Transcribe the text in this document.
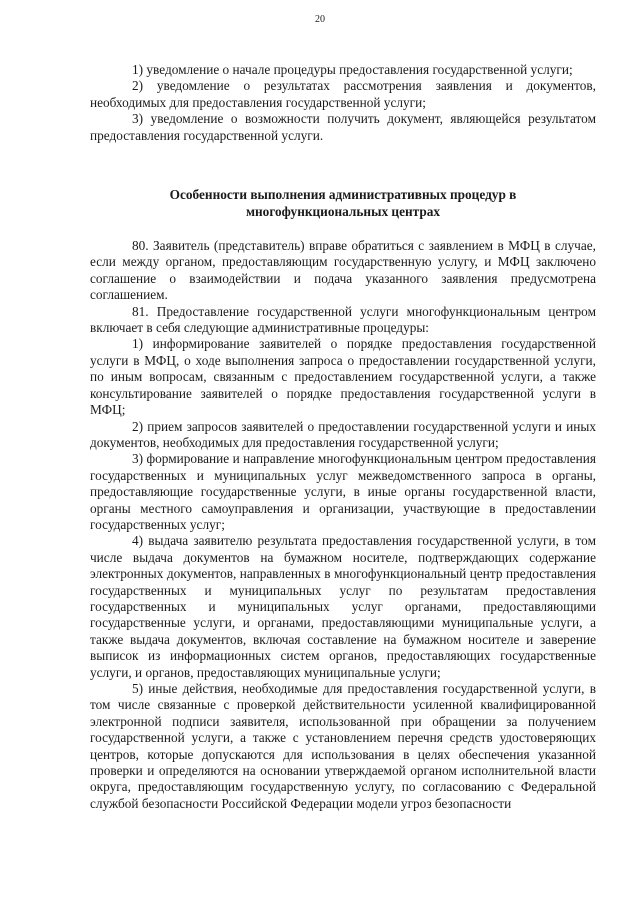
20

1) уведомление о начале процедуры предоставления государственной услуги;

2) уведомление о результатах рассмотрения заявления и документов, необходимых для предоставления государственной услуги;

3) уведомление о возможности получить документ, являющейся результатом предоставления государственной услуги.

Особенности выполнения административных процедур в
многофункциональных центрах

80. Заявитель (представитель) вправе обратиться с заявлением в МФЦ в случае, если между органом, предоставляющим государственную услугу, и МФЦ заключено соглашение о взаимодействии и подача указанного заявления предусмотрена соглашением.

81. Предоставление государственной услуги многофункциональным центром включает в себя следующие административные процедуры:

1) информирование заявителей о порядке предоставления государственной услуги в МФЦ, о ходе выполнения запроса о предоставлении государственной услуги, по иным вопросам, связанным с предоставлением государственной услуги, а также консультирование заявителей о порядке предоставления государственной услуги в МФЦ;

2) прием запросов заявителей о предоставлении государственной услуги и иных документов, необходимых для предоставления государственной услуги;

3) формирование и направление многофункциональным центром предоставления государственных и муниципальных услуг межведомственного запроса в органы, предоставляющие государственные услуги, в иные органы государственной власти, органы местного самоуправления и организации, участвующие в предоставлении государственных услуг;

4) выдача заявителю результата предоставления государственной услуги, в том числе выдача документов на бумажном носителе, подтверждающих содержание электронных документов, направленных в многофункциональный центр предоставления государственных и муниципальных услуг по результатам предоставления государственных и муниципальных услуг органами, предоставляющими государственные услуги, и органами, предоставляющими муниципальные услуги, а также выдача документов, включая составление на бумажном носителе и заверение выписок из информационных систем органов, предоставляющих государственные услуги, и органов, предоставляющих муниципальные услуги;

5) иные действия, необходимые для предоставления государственной услуги, в том числе связанные с проверкой действительности усиленной квалифицированной электронной подписи заявителя, использованной при обращении за получением государственной услуги, а также с установлением перечня средств удостоверяющих центров, которые допускаются для использования в целях обеспечения указанной проверки и определяются на основании утверждаемой органом исполнительной власти округа, предоставляющим государственную услугу, по согласованию с Федеральной службой безопасности Российской Федерации модели угроз безопасности
